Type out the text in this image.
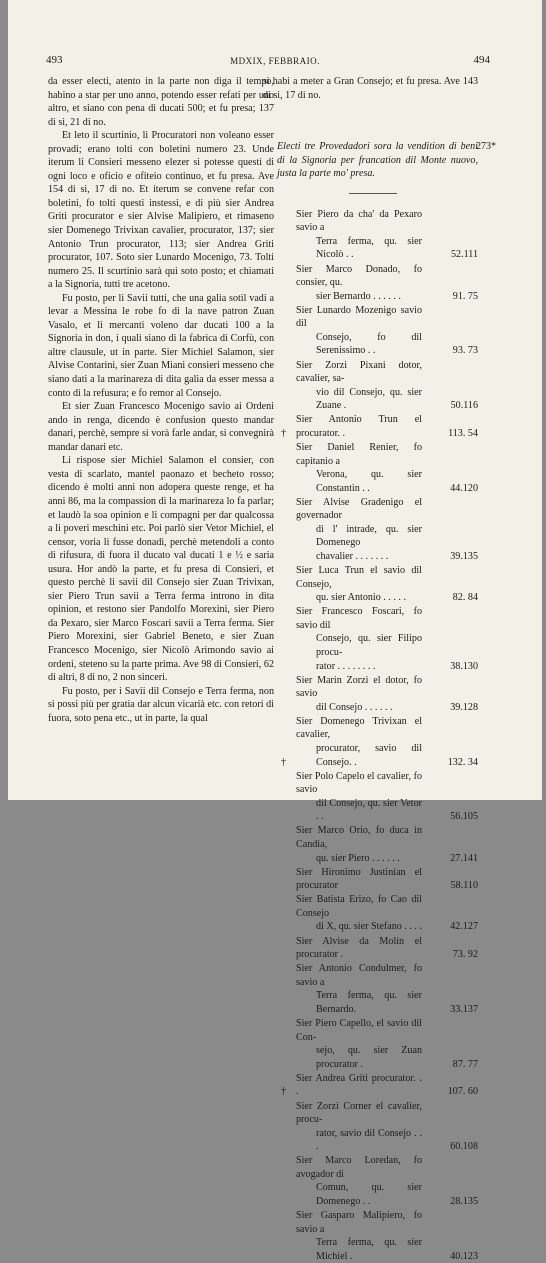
493	MDXIX, FEBBRAIO.	494

da esser electi, atento in la parte non diga il tempo, habino a star per uno anno, potendo esser refati per uno altro, et siano con pena di ducati 500; et fu presa; 137 di si, 21 di no.

Et leto il scurtinio, li Procuratori non voleano esser provadi; erano tolti con boletini numero 23. Unde iterum li Consieri messeno elezer si potesse questi di ogni loco e oficio e ofiteio continuo, et fu presa. Ave 154 di si, 17 di no. Et iterum se convene refar con boletini, fo tolti questi instessi, e di più sier Andrea Griti procurator e sier Alvise Malipiero, et rimaseno sier Domenego Trivixan cavalier, procurator, 137; sier Antonio Trun procurator, 113; sier Andrea Griti procurator, 107. Soto sier Lunardo Mocenigo, 73. Tolti numero 25. Il scurtinio sarà qui soto posto; et chiamati a la Signoria, tutti tre acetono.

Fu posto, per li Savii tutti, che una galia sotil vadi a levar a Messina le robe fo di la nave patron Zuan Vasalo, et li mercanti voleno dar ducati 100 a la Signoria in don, i quali siano di la fabrica di Corfù, con altre clausule, ut in parte. Sier Michiel Salamon, sier Alvise Contarini, sier Zuan Miani consieri messeno che siano dati a la marinareza di dita galia da esser messa a conto di la refusura; e fo remor al Consejo.

Et sier Zuan Francesco Mocenigo savio ai Ordeni ando in renga, dicendo è confusion questo mandar danari, perchè, sempre si vorà farle andar, si convegnirà mandar danari etc.

Li rispose sier Michiel Salamon el consier, con vesta di scarlato, mantel paonazo et becheto rosso; dicendo è molti anni non adopera queste renge, et ha anni 86, ma la compassion di la marinareza lo fa parlar; et laudò la soa opinion e li compagni per dar qualcossa a li poveri meschini etc. Poi parlò sier Vetor Michiel, el censor, voria li fusse donadi, perchè metendoli a conto di rifusura, di fuora il ducato val ducati 1 e ½ e saria usura. Hor andò la parte, et fu presa di Consieri, et questo perchè li savii dil Consejo sier Zuan Trivixan, sier Piero Trun savii a Terra ferma introno in dita opinion, et restono sier Pandolfo Morexini, sier Piero da Pexaro, sier Marco Foscari savii a Terra ferma. Sier Piero Morexini, sier Gabriel Beneto, e sier Zuan Francesco Mocenigo, sier Nicolò Arimondo savio ai ordeni, steteno su la parte prima. Ave 98 di Consieri, 62 di altri, 8 di no, 2 non sinceri.

Fu posto, per i Savii dil Consejo e Terra ferma, non si possi più per gratia dar alcun vicarià etc. con retori di fuora, soto pena etc., ut in parte, la qual

si habi a meter a Gran Consejo; et fu presa. Ave 143 di si, 17 di no.

Electi tre Provedadori sora la vendition di beni di la Signoria per francation dil Monte nuovo, justa la parte mo' presa.
273*
Sier Piero da cha' da Pexaro savio a
Terra ferma, qu. sier Nicolò . .	52.111
Sier Marco Donado, fo consier, qu.
sier Bernardo . . . . . .	91. 75
Sier Lunardo Mozenigo savio dil
Consejo, fo dil Serenissimo . .	93. 73
Sier Zorzi Pixani dotor, cavalier, sa-
vio dil Consejo, qu. sier Zuane .	50.116
†
Sier Antonio Trun el procurator. .	113. 54
Sier Daniel Renier, fo capitanio a
Verona, qu. sier Constantin . .	44.120
Sier Alvise Gradenigo el governador
di l' intrade, qu. sier Domenego
chavalier . . . . . . .	39.135
Sier Luca Trun el savio dil Consejo,
qu. sier Antonio . . . . .	82. 84
Sier Francesco Foscari, fo savio dil
Consejo, qu. sier Filipo procu-
rator . . . . . . . .	38.130
Sier Marin Zorzi el dotor, fo savio
dil Consejo . . . . . .	39.128
†
Sier Domenego Trivixan el cavalier,
procurator, savio dil Consejo. .	132. 34
Sier Polo Capelo el cavalier, fo savio
dil Consejo, qu. sier Vetor . .	56.105
Sier Marco Orio, fo duca in Candia,
qu. sier Piero . . . . . .	27.141
Sier Hironimo Justinian el procurator	58.110
Sier Batista Erizo, fo Cao dil Consejo
di X, qu. sier Stefano . . . .	42.127
Sier Alvise da Molin el procurator .	73. 92
Sier Antonio Condulmer, fo savio a
Terra ferma, qu. sier Bernardo.	33.137
Sier Piero Capello, el savio dil Con-
sejo, qu. sier Zuan procurator .	87. 77
†
Sier Andrea Griti procurator. . .	107. 60
Sier Zorzi Corner el cavalier, procu-
rator, savio dil Consejo . . .	60.108
Sier Marco Loredan, fo avogador di
Comun, qu. sier Domenego . .	28.135
Sier Gasparo Malipiero, fo savio a
Terra ferma, qu. sier Michiel .	40.123
